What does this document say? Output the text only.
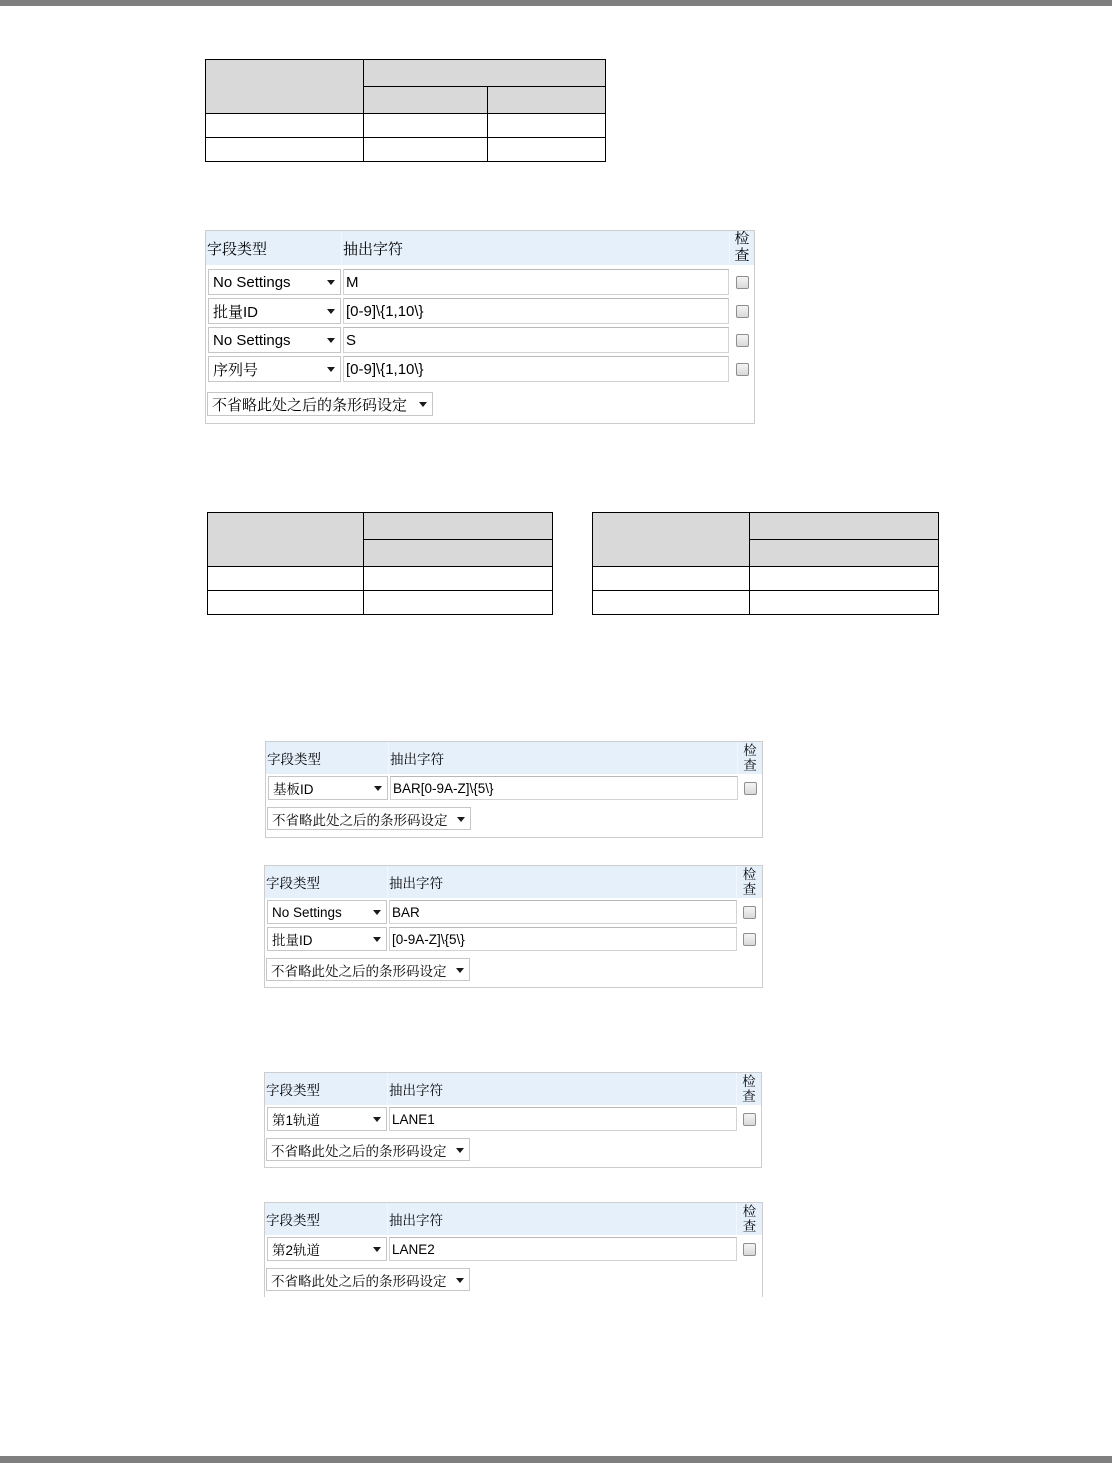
字段类型	抽出字符
检查
No Settings	M
批量ID	[0-9]\{1,10\}
No Settings	S
序列号	[0-9]\{1,10\}
不省略此处之后的条形码设定

字段类型	抽出字符
检查
基板ID	BAR[0-9A-Z]\{5\}
不省略此处之后的条形码设定
字段类型	抽出字符
检查
No Settings	BAR
批量ID	[0-9A-Z]\{5\}
不省略此处之后的条形码设定
字段类型	抽出字符
检查
第1轨道	LANE1
不省略此处之后的条形码设定
字段类型	抽出字符
检查
第2轨道	LANE2
不省略此处之后的条形码设定
